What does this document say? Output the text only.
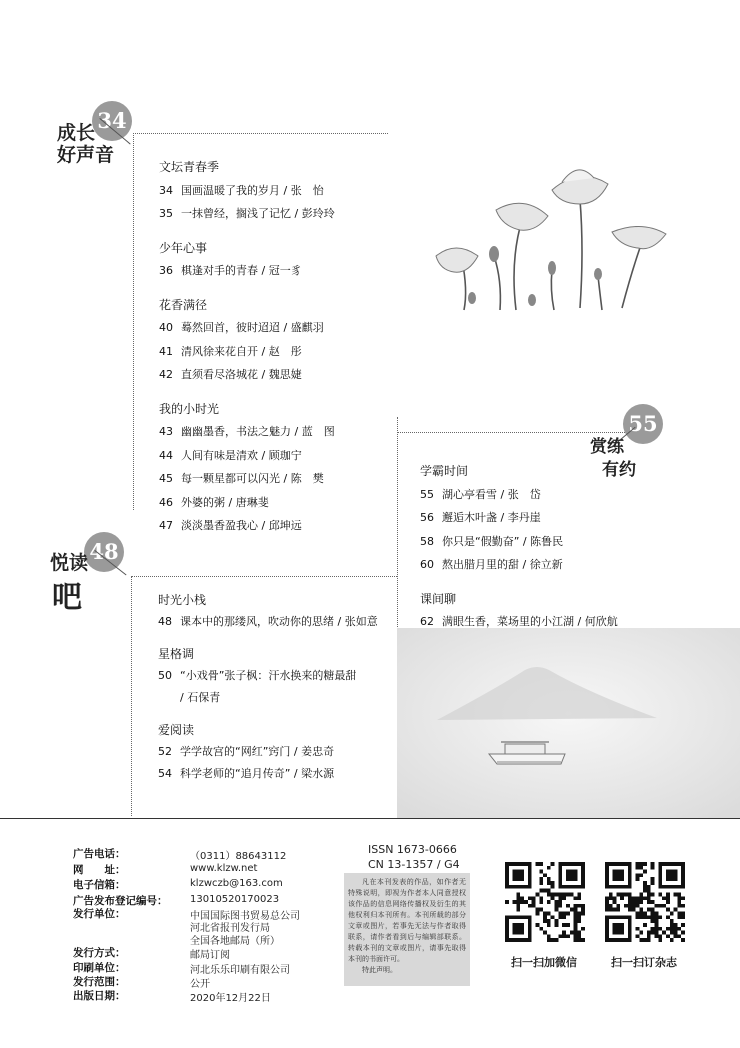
34
成长
好声音
文坛青春季
34 国画温暖了我的岁月 / 张　怡
35 一抹曾经，搁浅了记忆 / 彭玲玲
少年心事
36 棋逢对手的青春 / 冠一豸
花香满径
40 蓦然回首，彼时迢迢 / 盛麒羽
41 清风徐来花自开 / 赵　彤
42 直须看尽洛城花 / 魏思婕
我的小时光
43 幽幽墨香，书法之魅力 / 蓝　图
44 人间有味是清欢 / 顾珈宁
45 每一颗星都可以闪光 / 陈　樊
46 外婆的粥 / 唐琳斐
47 淡淡墨香盈我心 / 邱坤远
55
赏练
有约
学霸时间
55 湖心亭看雪 / 张　岱
56 邂逅木叶盏 / 李丹崖
58 你只是“假勤奋” / 陈鲁民
60 熬出腊月里的甜 / 徐立新
课间聊
62 满眼生香，菜场里的小江湖 / 何欣航
48
悦读
吧	时光小栈
48 课本中的那缕风，吹动你的思绪 / 张如意
星格调
50 “小戏骨”张子枫：汗水换来的糖最甜
/ 石保青
爱阅读
52 学学故宫的“网红”窍门 / 姜忠奇
54 科学老师的“追月传奇” / 梁水源
广告电话：	（0311）88643112
网　　址：	www.klzw.net
电子信箱：	klzwczb@163.com
广告发布登记编号： 13010520170023
发行单位：	中国国际图书贸易总公司
河北省报刊发行局
全国各地邮局（所）
发行方式：	邮局订阅
印刷单位：	河北乐乐印刷有限公司
发行范围：	公开
出版日期：	2020年12月22日
ISSN 1673-0666
CN 13-1357 / G4
凡在本刊发表的作品，如作者无特殊说明，即视为作者本人同意授权该作品的信息网络传播权及衍生的其他权利归本刊所有。本刊所载的部分文章或图片，若事先无法与作者取得联系，请作者看到后与编辑部联系。转载本刊的文章或图片，请事先取得本刊的书面许可。
特此声明。
扫一扫加微信	扫一扫订杂志
